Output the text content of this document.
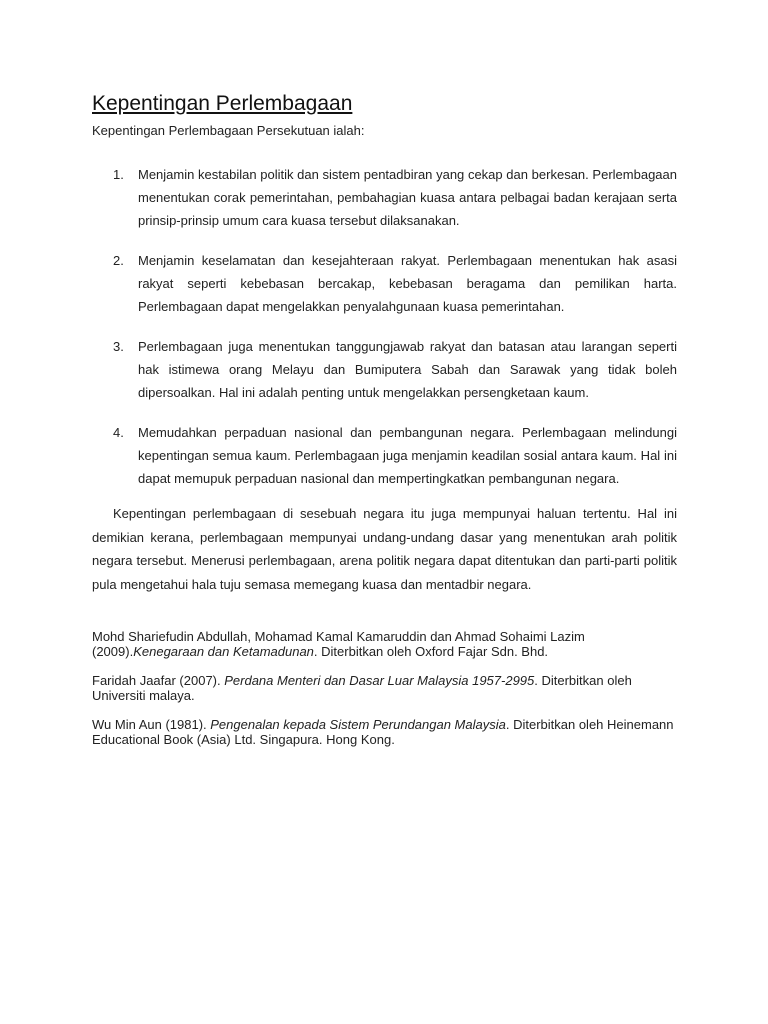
Kepentingan Perlembagaan

Kepentingan Perlembagaan Persekutuan ialah:

1. Menjamin kestabilan politik dan sistem pentadbiran yang cekap dan berkesan. Perlembagaan menentukan corak pemerintahan, pembahagian kuasa antara pelbagai badan kerajaan serta prinsip-prinsip umum cara kuasa tersebut dilaksanakan.
2. Menjamin keselamatan dan kesejahteraan rakyat. Perlembagaan menentukan hak asasi rakyat seperti kebebasan bercakap, kebebasan beragama dan pemilikan harta. Perlembagaan dapat mengelakkan penyalahgunaan kuasa pemerintahan.
3. Perlembagaan juga menentukan tanggungjawab rakyat dan batasan atau larangan seperti hak istimewa orang Melayu dan Bumiputera Sabah dan Sarawak yang tidak boleh dipersoalkan. Hal ini adalah penting untuk mengelakkan persengketaan kaum.
4. Memudahkan perpaduan nasional dan pembangunan negara. Perlembagaan melindungi kepentingan semua kaum. Perlembagaan juga menjamin keadilan sosial antara kaum. Hal ini dapat memupuk perpaduan nasional dan mempertingkatkan pembangunan negara.

Kepentingan perlembagaan di sesebuah negara itu juga mempunyai haluan tertentu. Hal ini demikian kerana, perlembagaan mempunyai undang-undang dasar yang menentukan arah politik negara tersebut. Menerusi perlembagaan, arena politik negara dapat ditentukan dan parti-parti politik pula mengetahui hala tuju semasa memegang kuasa dan mentadbir negara.

Mohd Shariefudin Abdullah, Mohamad Kamal Kamaruddin dan Ahmad Sohaimi Lazim (2009).Kenegaraan dan Ketamadunan. Diterbitkan oleh Oxford Fajar Sdn. Bhd.

Faridah Jaafar (2007). Perdana Menteri dan Dasar Luar Malaysia 1957-2995. Diterbitkan oleh Universiti malaya.

Wu Min Aun (1981). Pengenalan kepada Sistem Perundangan Malaysia. Diterbitkan oleh Heinemann Educational Book (Asia) Ltd. Singapura. Hong Kong.
